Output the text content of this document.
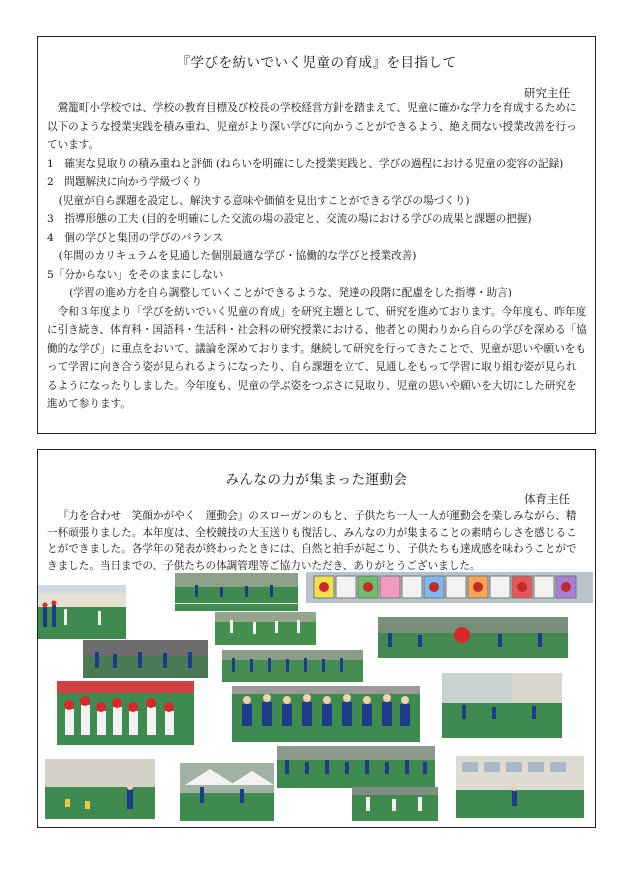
『学びを紡いでいく児童の育成』を目指して
研究主任

鶯籠町小学校では、学校の教育目標及び校長の学校経営方針を踏まえて、児童に確かな学力を育成するために以下のような授業実践を積み重ね、児童がより深い学びに向かうことができるよう、絶え間ない授業改善を行っています。

1　確実な見取りの積み重ねと評価 (ねらいを明確にした授業実践と、学びの過程における児童の変容の記録)

2　問題解決に向かう学級づくり

(児童が自ら課題を設定し、解決する意味や価値を見出すことができる学びの場づくり)

3　指導形態の工夫 (目的を明確にした交流の場の設定と、交流の場における学びの成果と課題の把握)

4　個の学びと集団の学びのバランス

(年間のカリキュラムを見通した個別最適な学び・協働的な学びと授業改善)

5「分からない」をそのままにしない

(学習の進め方を自ら調整していくことができるような、発達の段階に配慮をした指導・助言)

令和３年度より「学びを紡いでいく児童の育成」を研究主題として、研究を進めております。今年度も、昨年度に引き続き、体育科・国語科・生活科・社会科の研究授業における、他者との関わりから自らの学びを深める「協働的な学び」に重点をおいて、議論を深めております。継続して研究を行ってきたことで、児童が思いや願いをもって学習に向き合う姿が見られるようになったり、自ら課題を立て、見通しをもって学習に取り組む姿が見られるようになったりしました。今年度も、児童の学ぶ姿をつぶさに見取り、児童の思いや願いを大切にした研究を進めて参ります。

みんなの力が集まった運動会
体育主任

『力を合わせ　笑顔かがやく　運動会』のスローガンのもと、子供たち一人一人が運動会を楽しみながら、精一杯頑張りました。本年度は、全校競技の大玉送りも復活し、みんなの力が集まることの素晴らしさを感じることができました。各学年の発表が終わったときには、自然と拍手が起こり、子供たちも達成感を味わうことができました。当日までの、子供たちの体調管理等ご協力いただき、ありがとうございました。
